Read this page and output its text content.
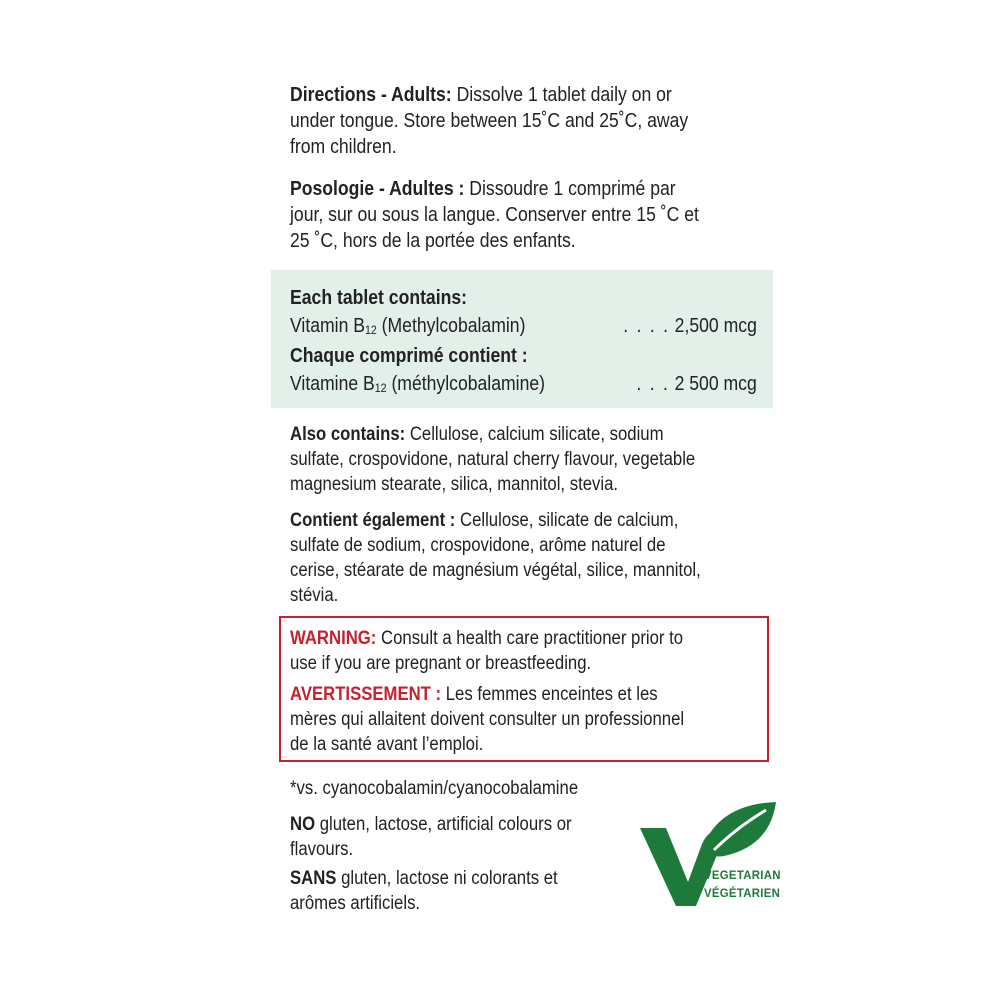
Directions - Adults: Dissolve 1 tablet daily on or under tongue. Store between 15˚C and 25˚C, away from children.
Posologie - Adultes : Dissoudre 1 comprimé par jour, sur ou sous la langue. Conserver entre 15 ˚C et 25 ˚C, hors de la portée des enfants.
Each tablet contains:
Vitamin $B_{12}$ (Methylcobalamin)	. . . . 2,500 mcg
Chaque comprimé contient :
Vitamine $B_{12}$ (méthylcobalamine)	. . . 2 500 mcg
Also contains: Cellulose, calcium silicate, sodium sulfate, crospovidone, natural cherry flavour, vegetable magnesium stearate, silica, mannitol, stevia.
Contient également : Cellulose, silicate de calcium, sulfate de sodium, crospovidone, arôme naturel de cerise, stéarate de magnésium végétal, silice, mannitol, stévia.
WARNING: Consult a health care practitioner prior to use if you are pregnant or breastfeeding.
AVERTISSEMENT : Les femmes enceintes et les mères qui allaitent doivent consulter un professionnel de la santé avant l’emploi.
*vs. cyanocobalamin/cyanocobalamine
NO gluten, lactose, artificial colours or flavours.
SANS gluten, lactose ni colorants et arômes artificiels.
VEGETARIAN
VÉGÉTARIEN
